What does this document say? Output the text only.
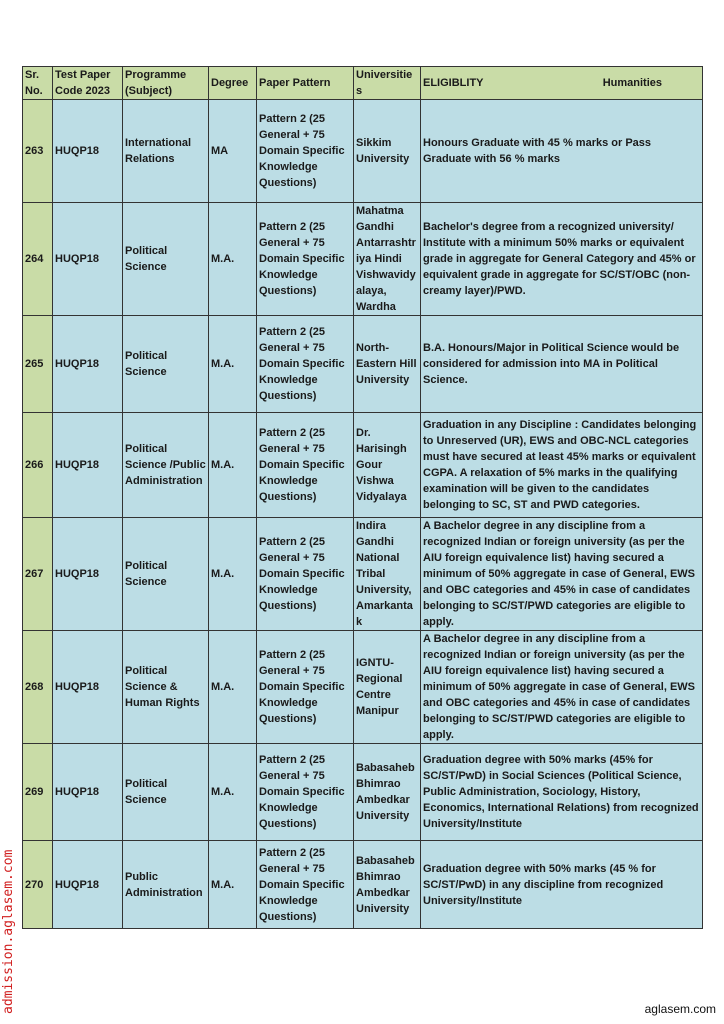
Sr. No.	Test Paper Code 2023	Programme (Subject)	Degree	Paper Pattern	Universities	ELIGIBLITY Humanities

263	HUQP18	International Relations	MA	Pattern 2 (25 General + 75 Domain Specific Knowledge Questions)	Sikkim University	Honours Graduate with 45 % marks or Pass Graduate with 56 % marks
264	HUQP18	Political Science	M.A.	Pattern 2 (25 General + 75 Domain Specific Knowledge Questions)	Mahatma Gandhi Antarrashtriya Hindi Vishwavidyalaya, Wardha	Bachelor's degree from a recognized university/ Institute with a minimum 50% marks or equivalent grade in aggregate for General Category and 45% or equivalent grade in aggregate for SC/ST/OBC (non-creamy layer)/PWD.
265	HUQP18	Political Science	M.A.	Pattern 2 (25 General + 75 Domain Specific Knowledge Questions)	North-Eastern Hill University	B.A. Honours/Major in Political Science would be considered for admission into MA in Political Science.
266	HUQP18	Political Science /Public Administration	M.A.	Pattern 2 (25 General + 75 Domain Specific Knowledge Questions)	Dr. Harisingh Gour Vishwa Vidyalaya	Graduation in any Discipline : Candidates belonging to Unreserved (UR), EWS and OBC-NCL categories must have secured at least 45% marks or equivalent CGPA. A relaxation of 5% marks in the qualifying examination will be given to the candidates belonging to SC, ST and PWD categories.
267	HUQP18	Political Science	M.A.	Pattern 2 (25 General + 75 Domain Specific Knowledge Questions)	Indira Gandhi National Tribal University, Amarkantak	A Bachelor degree in any discipline from a recognized Indian or foreign university (as per the AIU foreign equivalence list) having secured a minimum of 50% aggregate in case of General, EWS and OBC categories and 45% in case of candidates belonging to SC/ST/PWD categories are eligible to apply.
268	HUQP18	Political Science & Human Rights	M.A.	Pattern 2 (25 General + 75 Domain Specific Knowledge Questions)	IGNTU-Regional Centre Manipur	A Bachelor degree in any discipline from a recognized Indian or foreign university (as per the AIU foreign equivalence list) having secured a minimum of 50% aggregate in case of General, EWS and OBC categories and 45% in case of candidates belonging to SC/ST/PWD categories are eligible to apply.
269	HUQP18	Political Science	M.A.	Pattern 2 (25 General + 75 Domain Specific Knowledge Questions)	Babasaheb Bhimrao Ambedkar University	Graduation degree with 50% marks (45% for SC/ST/PwD) in Social Sciences (Political Science, Public Administration, Sociology, History, Economics, International Relations) from recognized University/Institute
270	HUQP18	Public Administration	M.A.	Pattern 2 (25 General + 75 Domain Specific Knowledge Questions)	Babasaheb Bhimrao Ambedkar University	Graduation degree with 50% marks (45 % for SC/ST/PwD) in any discipline from recognized University/Institute
admission.aglasem.com	aglasem.com
